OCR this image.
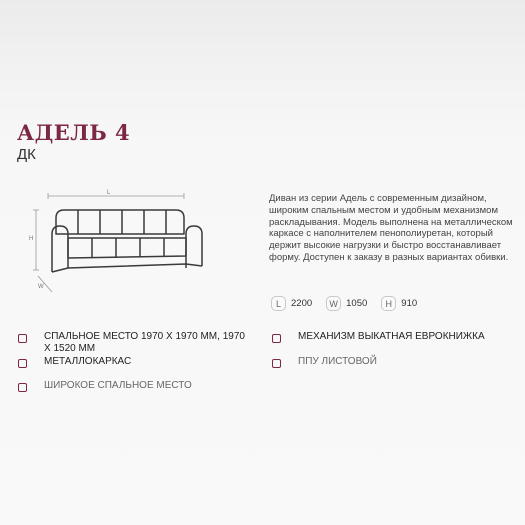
АДЕЛЬ 4
ДК
L
H
W

Диван из серии Адель с современным дизайном, широким спальным местом и удобным механизмом раскладывания. Модель выполнена на металлическом каркасе с наполнителем пенополиуретан, который держит высокие нагрузки и быстро восстанавливает форму. Доступен к заказу в разных вариантах обивки.

L	2200	W 1050	H 910
СПАЛЬНОЕ МЕСТО 1970 Х 1970 ММ, 1970 Х 1520 ММ
МЕХАНИЗМ ВЫКАТНАЯ ЕВРОКНИЖКА
МЕТАЛЛОКАРКАС	ППУ ЛИСТОВОЙ
ШИРОКОЕ СПАЛЬНОЕ МЕСТО
